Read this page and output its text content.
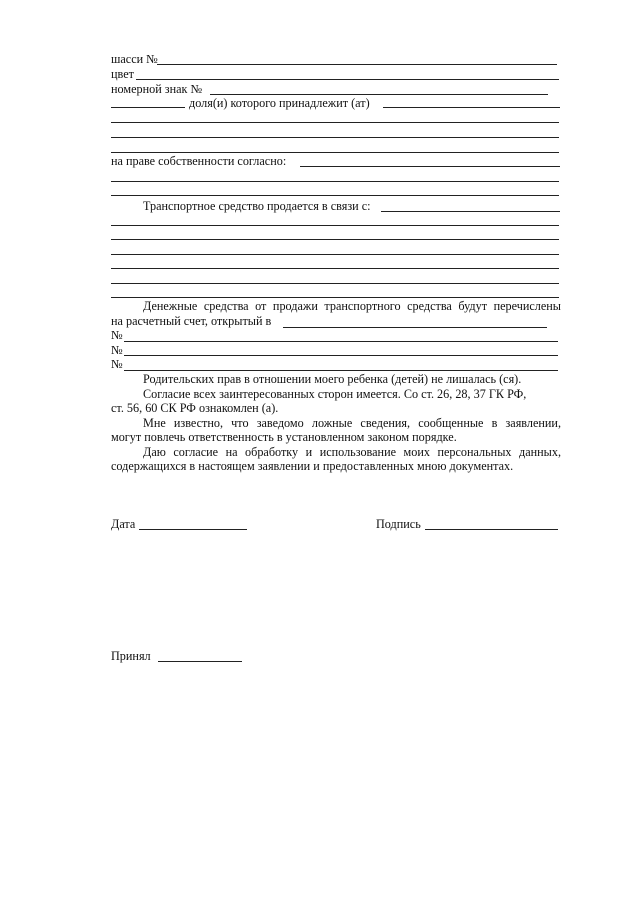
шасси №
цвет
номерной знак №
доля(и) которого принадлежит (ат)
на праве собственности согласно:
Транспортное средство продается в связи с:
Денежные средства от продажи транспортного средства будут перечислены
на расчетный счет, открытый в
№
№
№
Родительских прав в отношении моего ребенка (детей) не лишалась (ся).
Согласие всех заинтересованных сторон имеется. Со ст. 26, 28, 37 ГК РФ,
ст. 56, 60 СК РФ ознакомлен (а).
Мне известно, что заведомо ложные сведения, сообщенные в заявлении,
могут повлечь ответственность в установленном законом порядке.
Даю согласие на обработку и использование моих персональных данных,
содержащихся в настоящем заявлении и предоставленных мною документах.
Дата	Подпись
Принял
